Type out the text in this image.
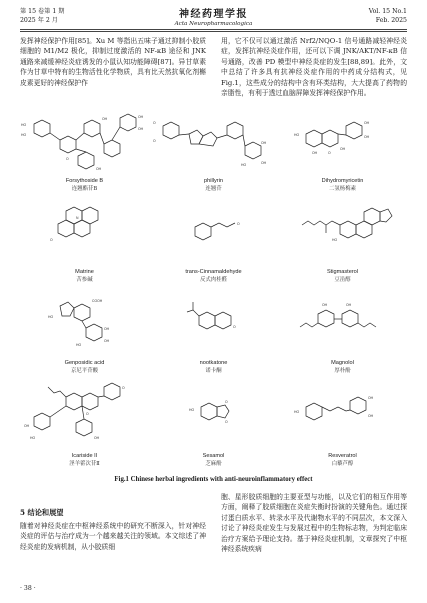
第 15 卷第 1 期
2025 年 2 月	神经药理学报
Acta Neuropharmacologica
Vol. 15 No.1
Feb. 2025

发挥神经保护作用[85]。Xu M 等指出五味子通过抑制小胶质细胞的 M1/M2 极化，抑制过度激活的 NF-κB 途径和 JNK 通路来减缓神经炎症诱发的小鼠认知功能障碍[87]。异甘草素作为甘草中特有的生物活性化学物质，具有比天然抗氧化剂槲皮素更好的神经保护作

用，它不仅可以通过激活 Nrf2/NQO-1 信号通路减轻神经炎症，发挥抗神经炎症作用，还可以下调 JNK/AKT/NF-κB 信号通路，改善 PD 模型中神经炎症的发生[88,89]。此外，文中总结了许多具有抗神经炎症作用的中药成分结构式，见 Fig.1，这些成分的结构中含有环类结构，大大提高了药物的亲脂性，有利于透过血脑屏障发挥神经保护作用。

HO
HO
O
OH	OH
OH
OH
Forsythoside B
连翘酯苷B
O
O	OH
OH
HO
phillyrin
连翘苷
HO
OH	O
OH
OH
OH
Dihydromyricetin
二氢杨梅素
N
O
Matrine
苦参碱
O
trans-Cinnamaldehyde
反式肉桂醛
HO
Stigmasterol
豆甾醇
COOH
HO
OH
OH
HO
Genposidic acid
京尼平苷酸
O
nootkatone
诺卡酮
OH	OH
Magnolol
厚朴酚
O
O
OH
HO	OH
Icariside II
淫羊藿次苷Ⅱ
HO
O
O
Sesamol
芝麻酚
HO
OH
OH
Resveratrol
白藜芦醇
Fig.1 Chinese herbal ingredients with anti-neuroinflammatory effect
5 结论和展望

随着对神经炎症在中枢神经系统中的研究不断深入，针对神经炎症的评估与治疗成为一个越来越关注的领域。本文综述了神经炎症的发病机制，从小胶质细

胞、星形胶质细胞的主要亚型与功能，以及它们的相互作用等方面，阐释了胶质细胞在炎症失衡时扮演的关键角色。通过探讨蛋白质水平、转录水平及代谢物水平的不同层次，本文深入讨论了神经炎症发生与发展过程中的生物标志物，为判定临床治疗方案给予理论支持。基于神经炎症机制，文章探究了中枢神经系统疾病

· 38 ·
